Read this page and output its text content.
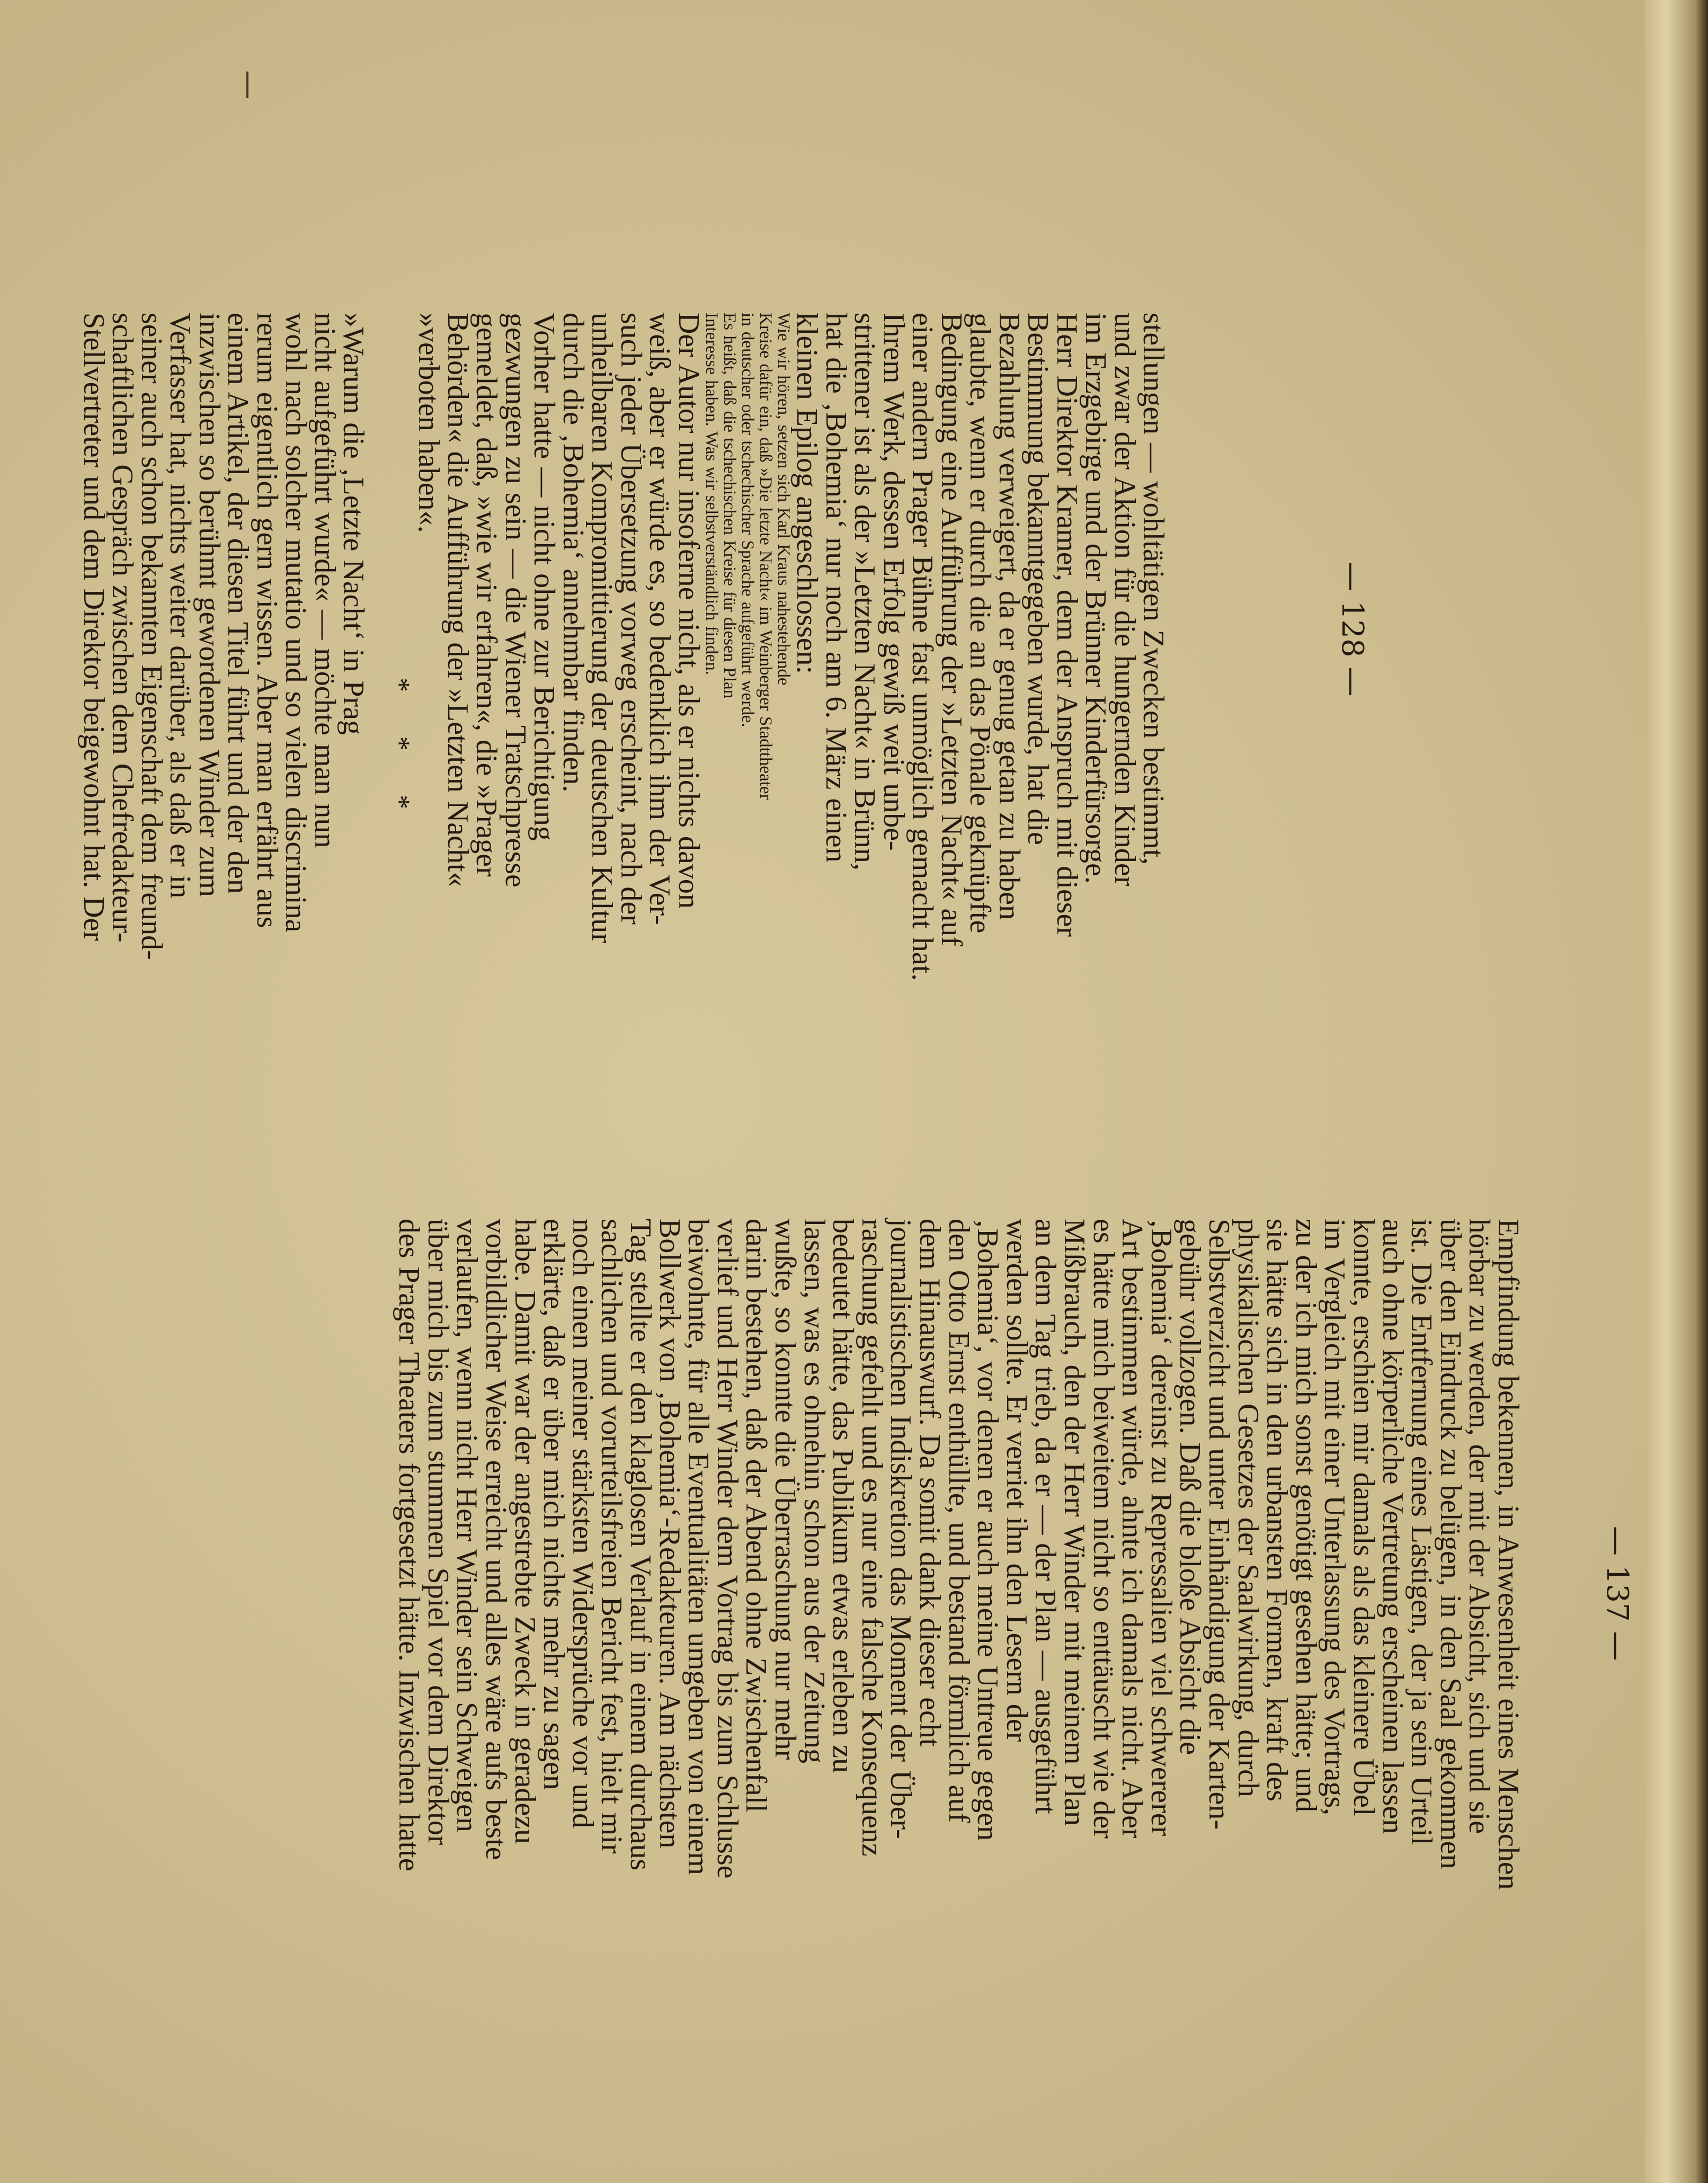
— 128 —
— 137 —
stellungen — wohltätigen Zwecken bestimmt,
und zwar der Aktion für die hungernden Kinder
im Erzgebirge und der Brünner Kinderfürsorge.
Herr Direktor Kramer, dem der Anspruch mit dieser
Bestimmung bekanntgegeben wurde, hat die
Bezahlung verweigert, da er genug getan zu haben
glaubte, wenn er durch die an das Pönale geknüpfte
Bedingung eine Aufführung der »Letzten Nacht« auf
einer andern Prager Bühne fast unmöglich gemacht hat.
Ihrem Werk, dessen Erfolg gewiß weit unbe-
strittener ist als der »Letzten Nacht« in Brünn,
hat die ‚Bohemia‘ nur noch am 6. März einen
kleinen Epilog angeschlossen:
Wie wir hören, setzen sich Karl Kraus nahestehende
Kreise dafür ein, daß »Die letzte Nacht« im Weinberger Stadttheater
in deutscher oder tschechischer Sprache aufgeführt werde.
Es heißt, daß die tschechischen Kreise für diesen Plan
Interesse haben. Was wir selbstverständlich finden.
Der Autor nur insoferne nicht, als er nichts davon
weiß, aber er würde es, so bedenklich ihm der Ver-
such jeder Übersetzung vorweg erscheint, nach der
unheilbaren Kompromittierung der deutschen Kultur
durch die ‚Bohemia‘ annehmbar finden.
Vorher hatte — nicht ohne zur Berichtigung
gezwungen zu sein — die Wiener Tratschpresse
gemeldet, daß, »wie wir erfahren«, die »Prager
Behörden« die Aufführung der »Letzten Nacht«
»verboten haben«.
* * *
»Warum die ‚Letzte Nacht‘ in Prag
nicht aufgeführt wurde« — möchte man nun
wohl nach solcher mutatio und so vielen discrimina
rerum eigentlich gern wissen. Aber man erfährt aus
einem Artikel, der diesen Titel führt und der den
inzwischen so berühmt gewordenen Winder zum
Verfasser hat, nichts weiter darüber, als daß er in
seiner auch schon bekannten Eigenschaft dem freund-
schaftlichen Gespräch zwischen dem Chefredakteur-
Stellvertreter und dem Direktor beigewohnt hat. Der
Empfindung bekennen, in Anwesenheit eines Menschen
hörbar zu werden, der mit der Absicht, sich und sie
über den Eindruck zu belügen, in den Saal gekommen
ist. Die Entfernung eines Lästigen, der ja sein Urteil
auch ohne körperliche Vertretung erscheinen lassen
konnte, erschien mir damals als das kleinere Übel
im Vergleich mit einer Unterlassung des Vortrags,
zu der ich mich sonst genötigt gesehen hätte; und
sie hätte sich in den urbansten Formen, kraft des
physikalischen Gesetzes der Saalwirkung, durch
Selbstverzicht und unter Einhändigung der Karten-
gebühr vollzogen. Daß die bloße Absicht die
‚Bohemia‘ dereinst zu Repressalien viel schwererer
Art bestimmen würde, ahnte ich damals nicht. Aber
es hätte mich beiweitem nicht so enttäuscht wie der
Mißbrauch, den der Herr Winder mit meinem Plan
an dem Tag trieb, da er — der Plan — ausgeführt
werden sollte. Er verriet ihn den Lesern der
‚Bohemia‘, vor denen er auch meine Untreue gegen
den Otto Ernst enthüllte, und bestand förmlich auf
dem Hinauswurf. Da somit dank dieser echt
journalistischen Indiskretion das Moment der Über-
raschung gefehlt und es nur eine falsche Konsequenz
bedeutet hätte, das Publikum etwas erleben zu
lassen, was es ohnehin schon aus der Zeitung
wußte, so konnte die Überraschung nur mehr
darin bestehen, daß der Abend ohne Zwischenfall
verlief und Herr Winder dem Vortrag bis zum Schlusse
beiwohnte, für alle Eventualitäten umgeben von einem
Bollwerk von ‚Bohemia‘-Redakteuren. Am nächsten
Tag stellte er den klaglosen Verlauf in einem durchaus
sachlichen und vorurteilsfreien Bericht fest, hielt mir
noch einen meiner stärksten Widersprüche vor und
erklärte, daß er über mich nichts mehr zu sagen
habe. Damit war der angestrebte Zweck in geradezu
vorbildlicher Weise erreicht und alles wäre aufs beste
verlaufen, wenn nicht Herr Winder sein Schweigen
über mich bis zum stummen Spiel vor dem Direktor
des Prager Theaters fortgesetzt hätte. Inzwischen hatte
